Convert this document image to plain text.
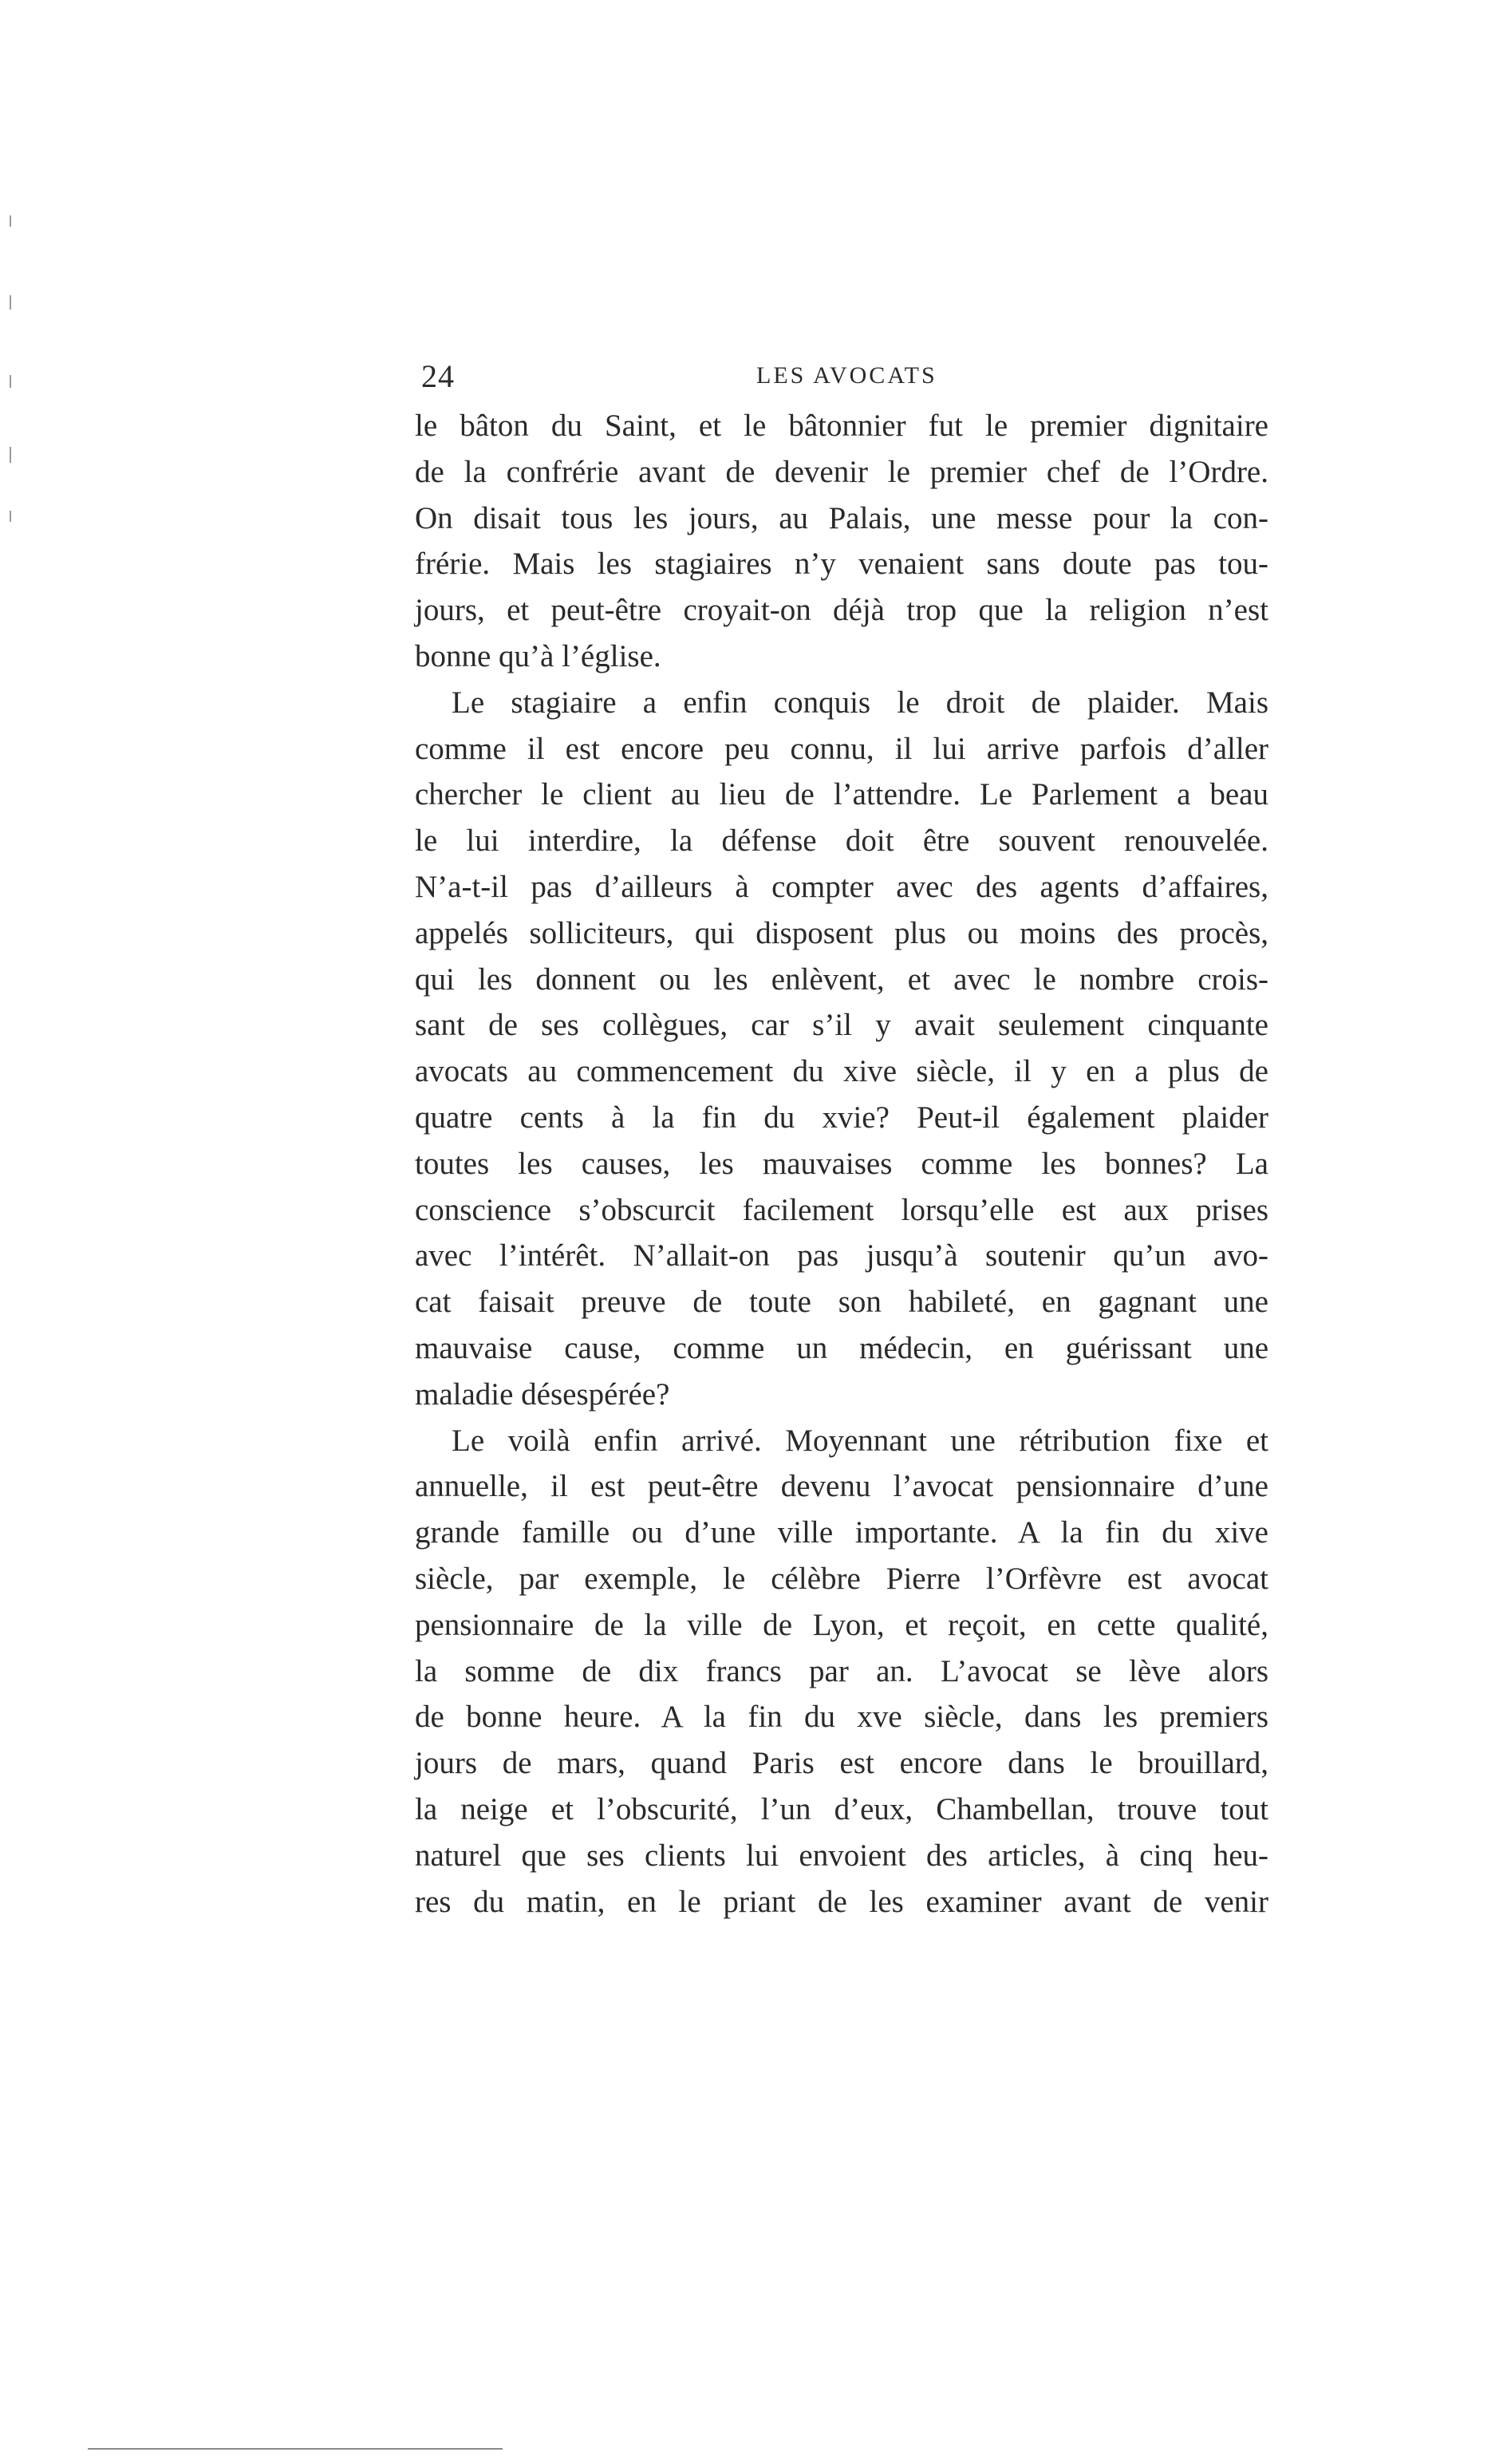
24	LES AVOCATS
le bâton du Saint, et le bâtonnier fut le premier dignitaire
de la confrérie avant de devenir le premier chef de l’Ordre.
On disait tous les jours, au Palais, une messe pour la con-
frérie. Mais les stagiaires n’y venaient sans doute pas tou-
jours, et peut-être croyait-on déjà trop que la religion n’est
bonne qu’à l’église.
Le stagiaire a enfin conquis le droit de plaider. Mais
comme il est encore peu connu, il lui arrive parfois d’aller
chercher le client au lieu de l’attendre. Le Parlement a beau
le lui interdire, la défense doit être souvent renouvelée.
N’a-t-il pas d’ailleurs à compter avec des agents d’affaires,
appelés solliciteurs, qui disposent plus ou moins des procès,
qui les donnent ou les enlèvent, et avec le nombre crois-
sant de ses collègues, car s’il y avait seulement cinquante
avocats au commencement du xive siècle, il y en a plus de
quatre cents à la fin du xvie? Peut-il également plaider
toutes les causes, les mauvaises comme les bonnes? La
conscience s’obscurcit facilement lorsqu’elle est aux prises
avec l’intérêt. N’allait-on pas jusqu’à soutenir qu’un avo-
cat faisait preuve de toute son habileté, en gagnant une
mauvaise cause, comme un médecin, en guérissant une
maladie désespérée?
Le voilà enfin arrivé. Moyennant une rétribution fixe et
annuelle, il est peut-être devenu l’avocat pensionnaire d’une
grande famille ou d’une ville importante. A la fin du xive
siècle, par exemple, le célèbre Pierre l’Orfèvre est avocat
pensionnaire de la ville de Lyon, et reçoit, en cette qualité,
la somme de dix francs par an. L’avocat se lève alors
de bonne heure. A la fin du xve siècle, dans les premiers
jours de mars, quand Paris est encore dans le brouillard,
la neige et l’obscurité, l’un d’eux, Chambellan, trouve tout
naturel que ses clients lui envoient des articles, à cinq heu-
res du matin, en le priant de les examiner avant de venir
